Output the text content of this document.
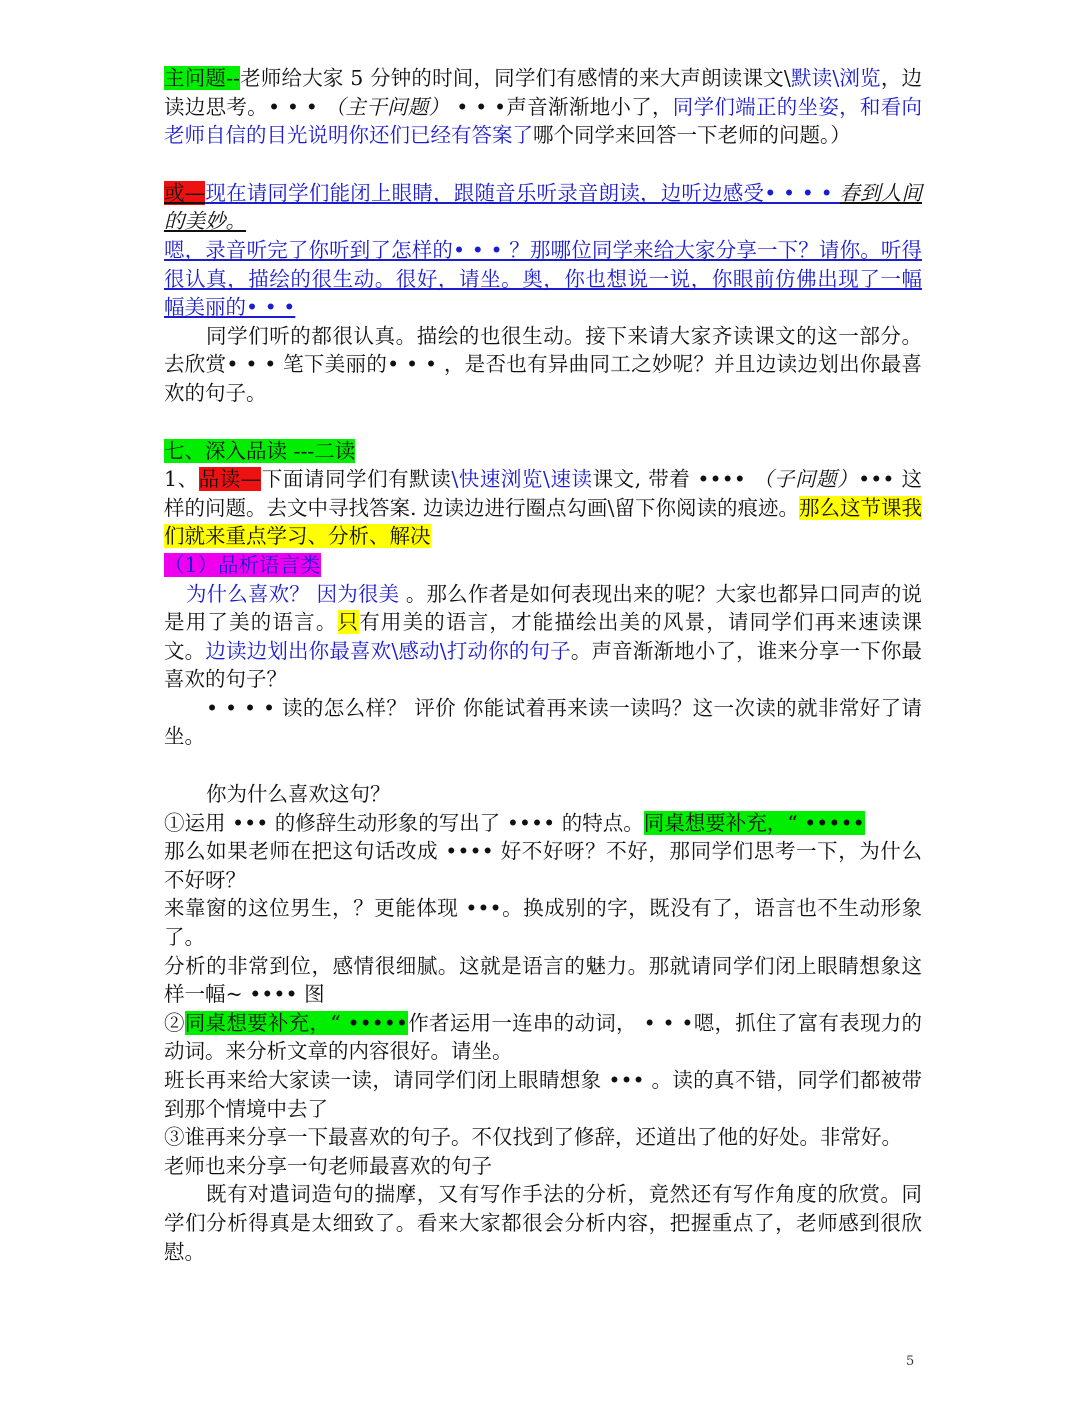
主问题--老师给大家 5 分钟的时间，同学们有感情的来大声朗读课文\默读\浏览，边读边思考。• • • （主干问题） • • •声音渐渐地小了，同学们端正的坐姿，和看向老师自信的目光说明你还们已经有答案了哪个同学来回答一下老师的问题。）

或—现在请同学们能闭上眼睛，跟随音乐听录音朗读，边听边感受• • • • 春到人间的美妙。

嗯，录音听完了你听到了怎样的• • • ？那哪位同学来给大家分享一下？请你。听得很认真，描绘的很生动。很好，请坐。奥，你也想说一说，你眼前仿佛出现了一幅幅美丽的• • •

同学们听的都很认真。描绘的也很生动。接下来请大家齐读课文的这一部分。去欣赏• • • 笔下美丽的• • • ，是否也有异曲同工之妙呢？并且边读边划出你最喜欢的句子。

七、深入品读 ---二读

1、品读—下面请同学们有默读\快速浏览\速读课文, 带着 •••• （子问题）••• 这样的问题。去文中寻找答案. 边读边进行圈点勾画\留下你阅读的痕迹。那么这节课我们就来重点学习、分析、解决

（1）品析语言类

为什么喜欢？ 因为很美 。那么作者是如何表现出来的呢？大家也都异口同声的说是用了美的语言。只有用美的语言，才能描绘出美的风景，请同学们再来速读课文。边读边划出你最喜欢\感动\打动你的句子。声音渐渐地小了，谁来分享一下你最喜欢的句子？

• • • • 读的怎么样？ 评价 你能试着再来读一读吗？这一次读的就非常好了请坐。

你为什么喜欢这句？

①运用 ••• 的修辞生动形象的写出了 •••• 的特点。同桌想要补充，“ •••••

那么如果老师在把这句话改成 •••• 好不好呀？不好，那同学们思考一下，为什么不好呀？

来靠窗的这位男生，？更能体现 •••。换成别的字，既没有了，语言也不生动形象了。

分析的非常到位，感情很细腻。这就是语言的魅力。那就请同学们闭上眼睛想象这样一幅~ •••• 图

②同桌想要补充，“ •••••作者运用一连串的动词， • • •嗯，抓住了富有表现力的动词。来分析文章的内容很好。请坐。

班长再来给大家读一读，请同学们闭上眼睛想象 ••• 。读的真不错，同学们都被带到那个情境中去了

③谁再来分享一下最喜欢的句子。不仅找到了修辞，还道出了他的好处。非常好。

老师也来分享一句老师最喜欢的句子

既有对遣词造句的揣摩，又有写作手法的分析，竟然还有写作角度的欣赏。同学们分析得真是太细致了。看来大家都很会分析内容，把握重点了，老师感到很欣慰。

5
